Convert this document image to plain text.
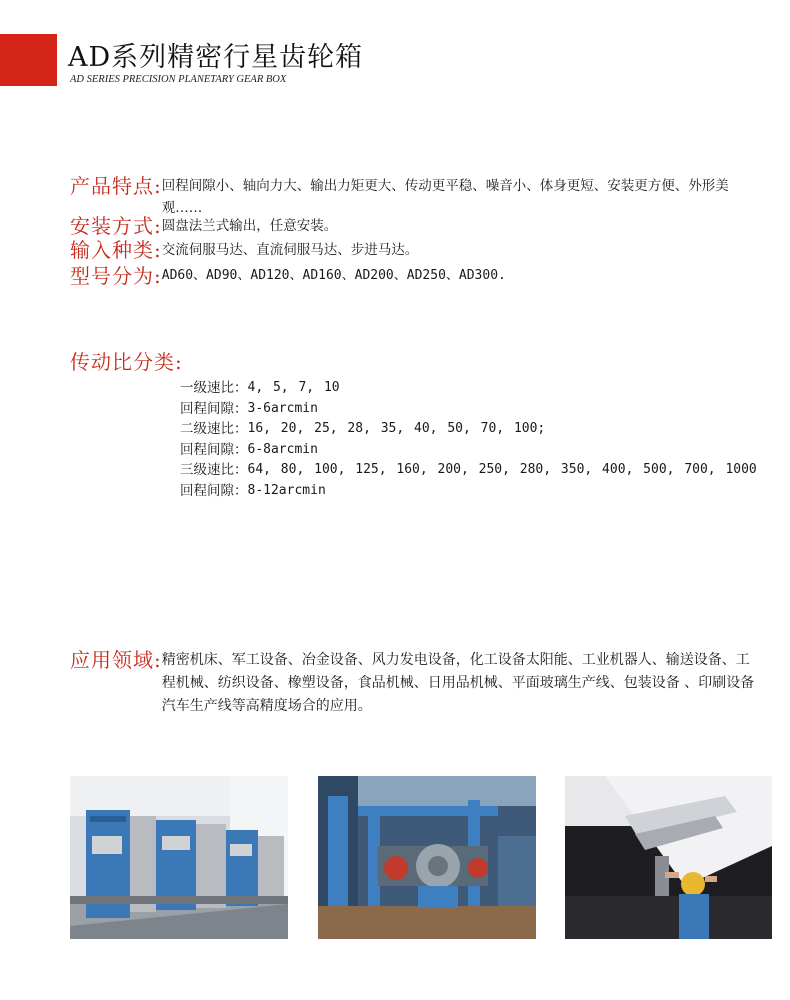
AD系列精密行星齿轮箱
AD SERIES PRECISION PLANETARY GEAR BOX
产品特点: 回程间隙小、轴向力大、输出力矩更大、传动更平稳、噪音小、体身更短、安装更方便、外形美观……
安装方式: 圆盘法兰式输出，任意安装。
输入种类: 交流伺服马达、直流伺服马达、步进马达。
型号分为: AD60、AD90、AD120、AD160、AD200、AD250、AD300.
传动比分类:
一级速比： 4, 5, 7, 10
回程间隙： 3-6arcmin
二级速比： 16, 20, 25, 28, 35, 40, 50, 70, 100;
回程间隙： 6-8arcmin
三级速比： 64, 80, 100, 125, 160, 200, 250, 280, 350, 400, 500, 700, 1000
回程间隙： 8-12arcmin
应用领域: 精密机床、军工设备、冶金设备、风力发电设备，化工设备太阳能、工业机器人、输送设备、工程机械、纺织设备、橡塑设备，食品机械、日用品机械、平面玻璃生产线、包装设备 、印刷设备汽车生产线等高精度场合的应用。
